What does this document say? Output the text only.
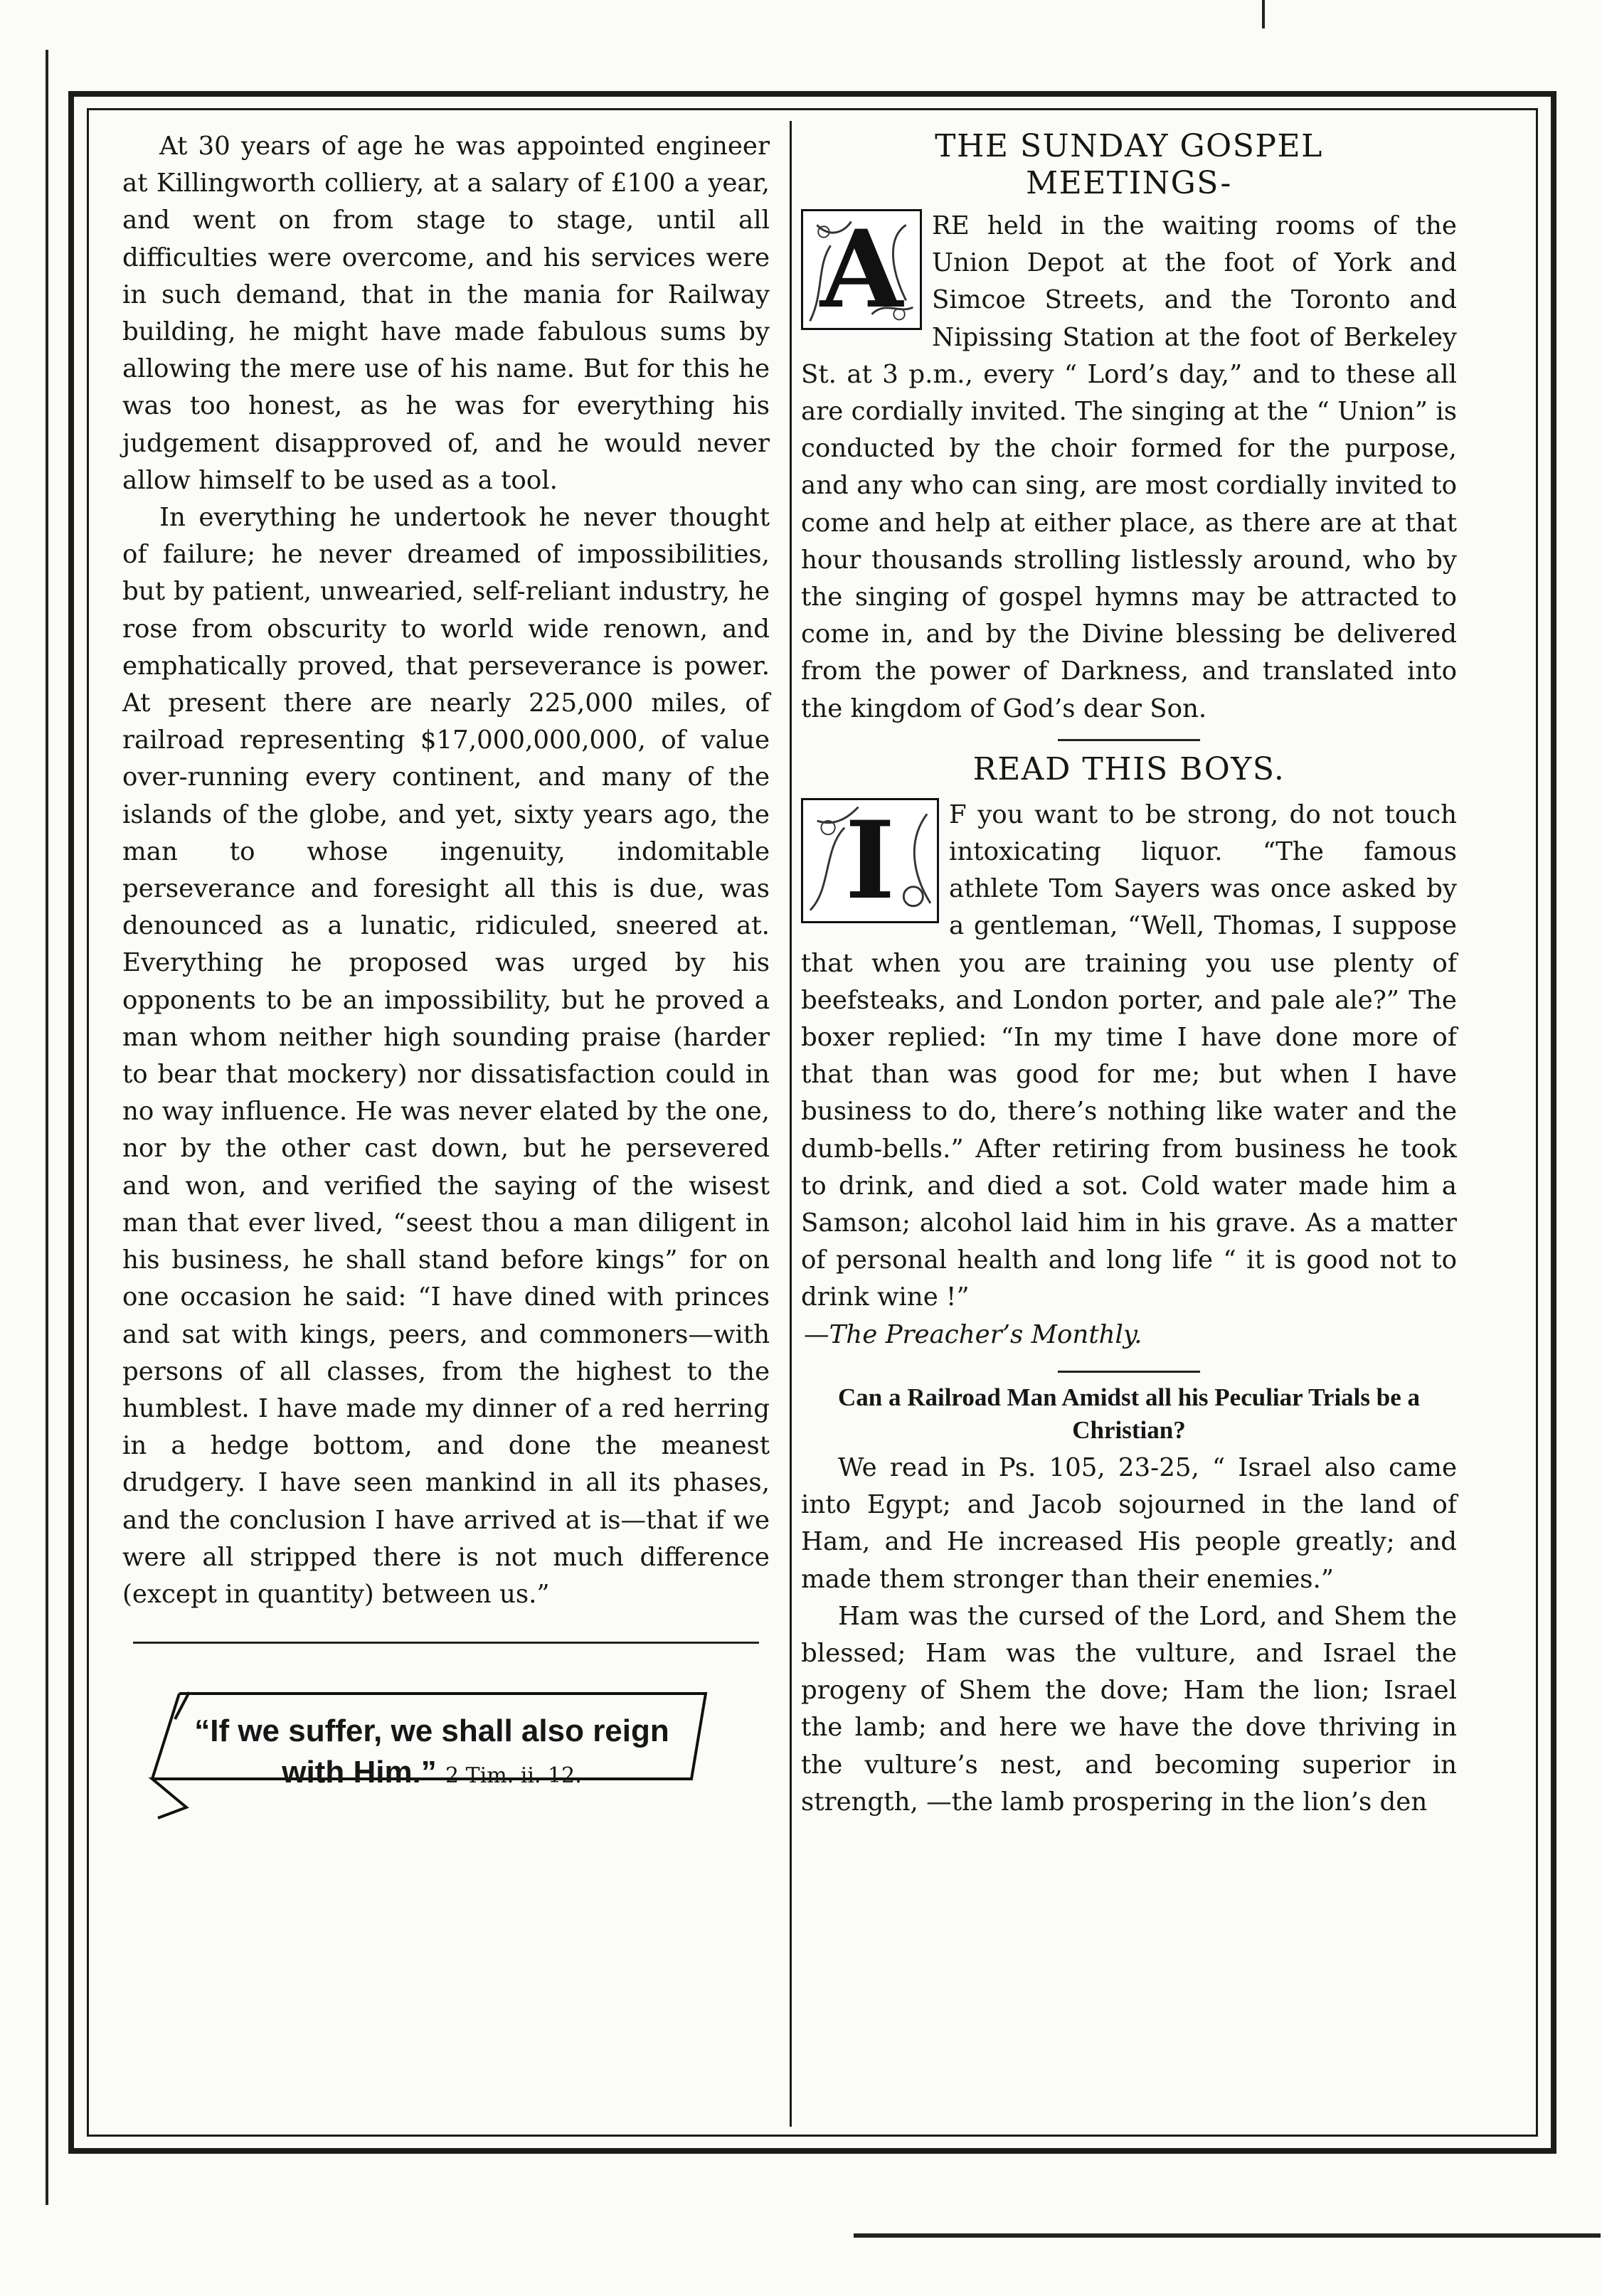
At 30 years of age he was appointed engineer at Killingworth colliery, at a salary of £100 a year, and went on from stage to stage, until all difficulties were overcome, and his services were in such demand, that in the mania for Railway building, he might have made fabulous sums by allowing the mere use of his name. But for this he was too honest, as he was for everything his judgement disapproved of, and he would never allow himself to be used as a tool.

In everything he undertook he never thought of failure; he never dreamed of impossibilities, but by patient, unwearied, self-reliant industry, he rose from obscurity to world wide renown, and emphatically proved, that perseverance is power. At present there are nearly 225,000 miles, of railroad representing $17,000,000,000, of value over-running every continent, and many of the islands of the globe, and yet, sixty years ago, the man to whose ingenuity, indomitable perseverance and foresight all this is due, was denounced as a lunatic, ridiculed, sneered at. Everything he proposed was urged by his opponents to be an impossibility, but he proved a man whom neither high sounding praise (harder to bear that mockery) nor dissatisfaction could in no way influence. He was never elated by the one, nor by the other cast down, but he persevered and won, and verified the saying of the wisest man that ever lived, “seest thou a man diligent in his business, he shall stand before kings” for on one occasion he said: “I have dined with princes and sat with kings, peers, and commoners—with persons of all classes, from the highest to the humblest. I have made my dinner of a red herring in a hedge bottom, and done the meanest drudgery. I have seen mankind in all its phases, and the conclusion I have arrived at is—that if we were all stripped there is not much difference (except in quantity) between us.”

“If we suffer, we shall also reign with Him.” 2 Tim. ii. 12.
THE SUNDAY GOSPEL MEETINGS-
A	RE held in the waiting rooms of the Union Depot at the foot of York and Simcoe Streets, and the Toronto and Nipissing Station at the foot of Berkeley St. at 3 p.m., every “ Lord’s day,” and to these all are cordially invited. The singing at the “ Union” is conducted by the choir formed for the purpose, and any who can sing, are most cordially invited to come and help at either place, as there are at that hour thousands strolling listlessly around, who by the singing of gospel hymns may be attracted to come in, and by the Divine blessing be delivered from the power of Darkness, and translated into the kingdom of God’s dear Son.

READ THIS BOYS.
I	F you want to be strong, do not touch intoxicating liquor. “The famous athlete Tom Sayers was once asked by a gentleman, “Well, Thomas, I suppose that when you are training you use plenty of beefsteaks, and London porter, and pale ale?” The boxer replied: “In my time I have done more of that than was good for me; but when I have business to do, there’s nothing like water and the dumb-bells.” After retiring from business he took to drink, and died a sot. Cold water made him a Samson; alcohol laid him in his grave. As a matter of personal health and long life “ it is good not to drink wine !”

—The Preacher’s Monthly.

Can a Railroad Man Amidst all his Peculiar Trials be a Christian?

We read in Ps. 105, 23-25, “ Israel also came into Egypt; and Jacob sojourned in the land of Ham, and He increased His people greatly; and made them stronger than their enemies.”

Ham was the cursed of the Lord, and Shem the blessed; Ham was the vulture, and Israel the progeny of Shem the dove; Ham the lion; Israel the lamb; and here we have the dove thriving in the vulture’s nest, and becoming superior in strength, —the lamb prospering in the lion’s den
